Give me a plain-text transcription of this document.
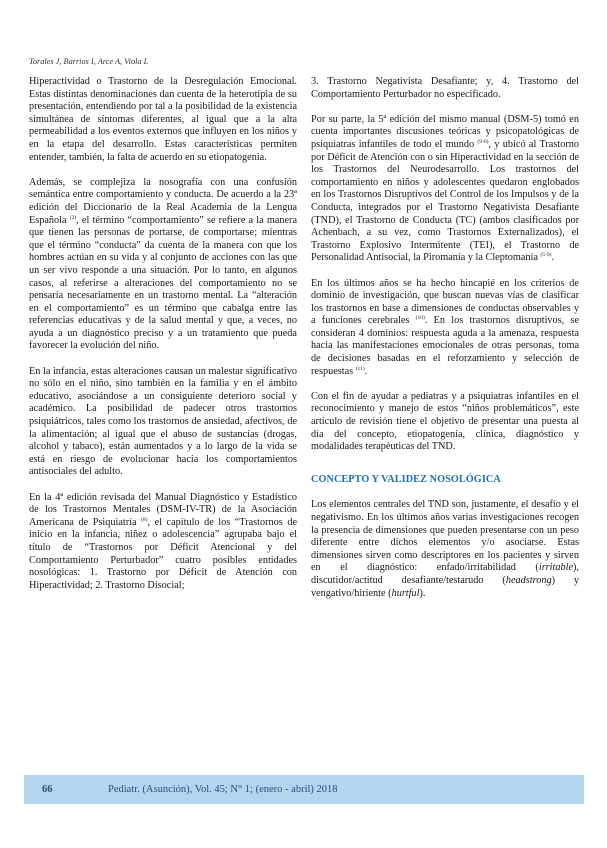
Torales J, Barrios I, Arce A, Viola L

Hiperactividad o Trastorno de la Desregulación Emocional. Estas distintas denominaciones dan cuenta de la heterotipia de su presentación, entendiendo por tal a la posibilidad de la existencia simultánea de síntomas diferentes, al igual que a la alta permeabilidad a los eventos externos que influyen en los niños y en la etapa del desarrollo. Estas características permiten entender, también, la falta de acuerdo en su etiopatogenia.

Además, se complejiza la nosografía con una confusión semántica entre comportamiento y conducta. De acuerdo a la 23ª edición del Diccionario de la Real Academia de la Lengua Española $^{(2)}$, el término “comportamiento” se refiere a la manera que tienen las personas de portarse, de comportarse; mientras que el término “conducta” da cuenta de la manera con que los hombres actúan en su vida y al conjunto de acciones con las que un ser vivo responde a una situación. Por lo tanto, en algunos casos, al referirse a alteraciones del comportamiento no se pensaría necesariamente en un trastorno mental. La “alteración en el comportamiento” es un término que cabalga entre las referencias educativas y de la salud mental y que, a veces, no ayuda a un diagnóstico preciso y a un tratamiento que pueda favorecer la evolución del niño.

En la infancia, estas alteraciones causan un malestar significativo no sólo en el niño, sino también en la familia y en el ámbito educativo, asociándose a un consiguiente deterioro social y académico. La posibilidad de padecer otros trastornos psiquiátricos, tales como los trastornos de ansiedad, afectivos, de la alimentación; al igual que el abuso de sustancias (drogas, alcohol y tabaco), están aumentados y a lo largo de la vida se está en riesgo de evolucionar hacia los comportamientos antisociales del adulto.

En la 4ª edición revisada del Manual Diagnóstico y Estadístico de los Trastornos Mentales (DSM-IV-TR) de la Asociación Americana de Psiquiatría $^{(8)}$, el capítulo de los “Trastornos de inicio en la infancia, niñez o adolescencia” agrupaba bajo el título de “Trastornos por Déficit Atencional y del Comportamiento Perturbador” cuatro posibles entidades nosológicas: 1. Trastorno por Déficit de Atención con Hiperactividad; 2. Trastorno Disocial;

3. Trastorno Negativista Desafiante; y, 4. Trastorno del Comportamiento Perturbador no especificado.

Por su parte, la 5ª edición del mismo manual (DSM-5) tomó en cuenta importantes discusiones teóricas y psicopatológicas de psiquiatras infantiles de todo el mundo $^{(9-6)}$, y ubicó al Trastorno por Déficit de Atención con o sin Hiperactividad en la sección de los Trastornos del Neurodesarrollo. Los trastornos del comportamiento en niños y adolescentes quedaron englobados en los Trastornos Disruptivos del Control de los Impulsos y de la Conducta, integrados por el Trastorno Negativista Desafiante (TND), el Trastorno de Conducta (TC) (ambos clasificados por Achenbach, a su vez, como Trastornos Externalizados), el Trastorno Explosivo Intermitente (TEI), el Trastorno de Personalidad Antisocial, la Piromanía y la Cleptomanía $^{(5-9)}$.

En los últimos años se ha hecho hincapié en los criterios de dominio de investigación, que buscan nuevas vías de clasificar los trastornos en base a dimensiones de conductas observables y a funciones cerebrales $^{(10)}$. En los trastornos disruptivos, se consideran 4 dominios: respuesta aguda a la amenaza, respuesta hacia las manifestaciones emocionales de otras personas, toma de decisiones basadas en el reforzamiento y selección de respuestas $^{(11)}$.

Con el fin de ayudar a pediatras y a psiquiatras infantiles en el reconocimiento y manejo de estos “niños problemáticos”, este artículo de revisión tiene el objetivo de presentar una puesta al día del concepto, etiopatogenia, clínica, diagnóstico y modalidades terapéuticas del TND.

CONCEPTO Y VALIDEZ NOSOLÓGICA

Los elementos centrales del TND son, justamente, el desafío y el negativismo. En los últimos años varias investigaciones recogen la presencia de dimensiones que pueden presentarse con un peso diferente entre dichos elementos y/o asociarse. Estas dimensiones sirven como descriptores en los pacientes y sirven en el diagnóstico: enfado/irritabilidad (irritable), discutidor/actitud desafiante/testarudo (headstrong) y vengativo/hiriente (hurtful).

66	Pediatr. (Asunción), Vol. 45; N° 1; (enero - abril) 2018
